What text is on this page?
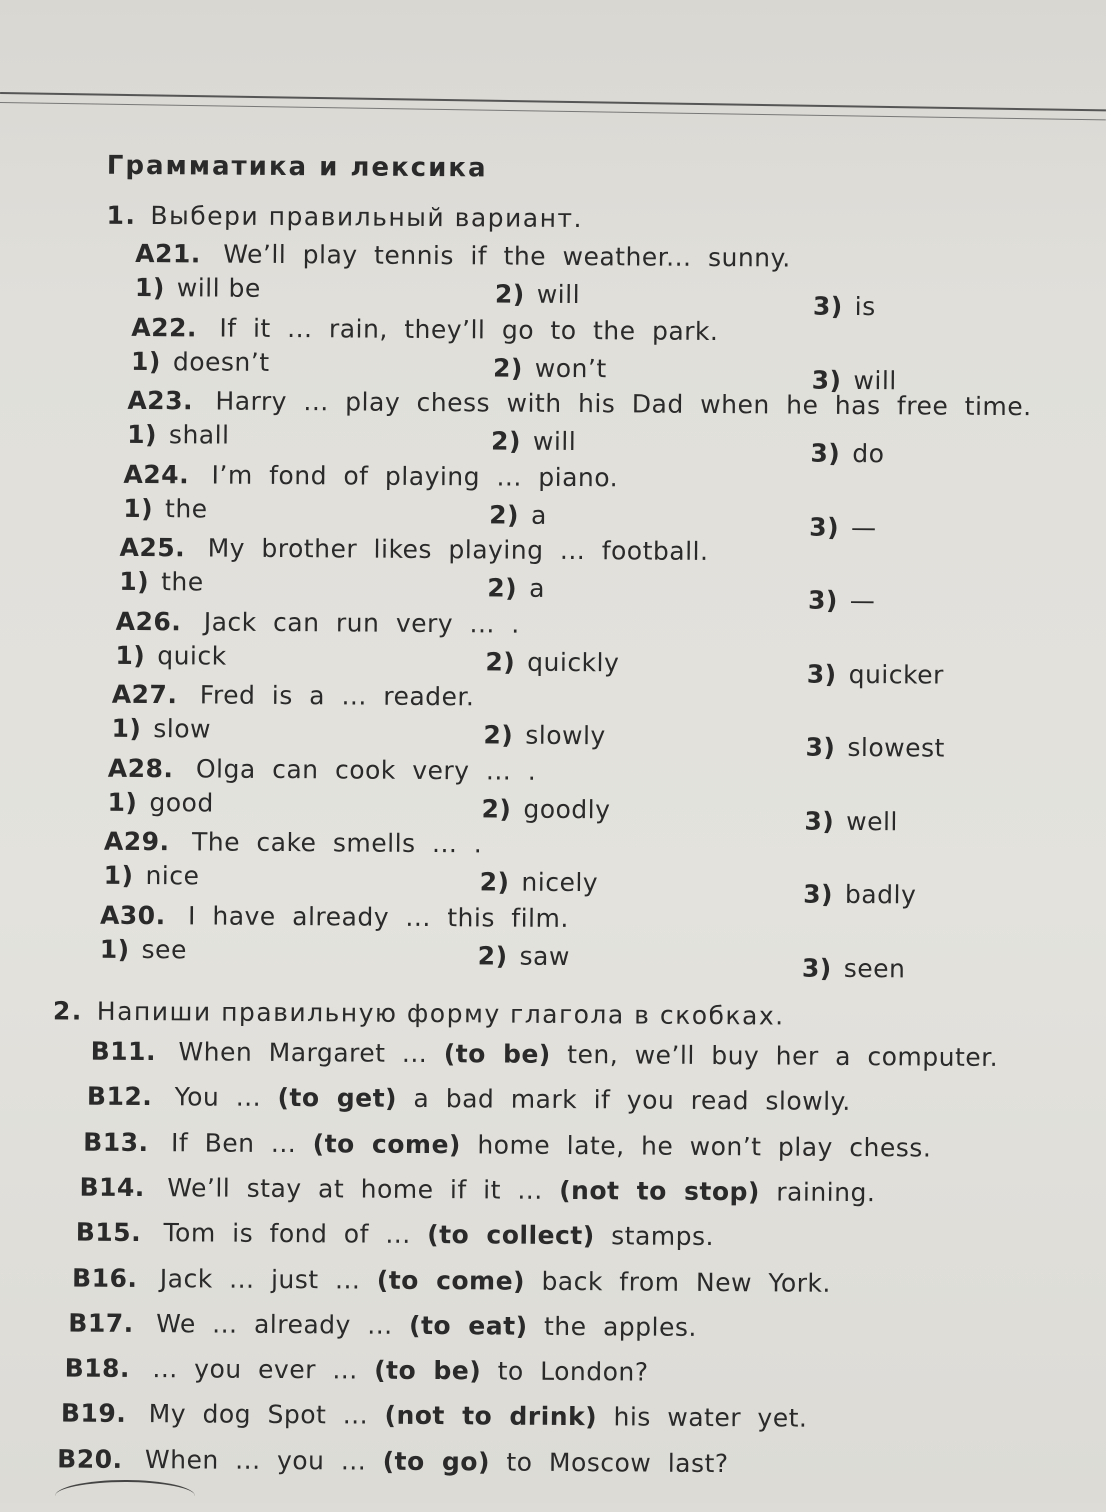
Грамматика и лексика
1. Выбери правильный вариант.
A21. We’ll play tennis if the weather... sunny.
1) will be	2) will	3) is
A22. If it ... rain, they’ll go to the park.
1) doesn’t	2) won’t	3) will
A23. Harry ... play chess with his Dad when he has free time.
1) shall	2) will	3) do
A24. I’m fond of playing ... piano.
1) the	2) a	3) —
A25. My brother likes playing ... football.
1) the	2) a	3) —
A26. Jack can run very ... .
1) quick	2) quickly	3) quicker
A27. Fred is a ... reader.
1) slow	2) slowly	3) slowest
A28. Olga can cook very ... .
1) good	2) goodly	3) well
A29. The cake smells ... .
1) nice	2) nicely	3) badly
A30. I have already ... this film.
1) see	2) saw	3) seen
2. Напиши правильную форму глагола в скобках.
B11. When Margaret ... (to be) ten, we’ll buy her a computer.
B12. You ... (to get) a bad mark if you read slowly.
B13. If Ben ... (to come) home late, he won’t play chess.
B14. We’ll stay at home if it ... (not to stop) raining.
B15. Tom is fond of ... (to collect) stamps.
B16. Jack ... just ... (to come) back from New York.
B17. We ... already ... (to eat) the apples.
B18. ... you ever ... (to be) to London?
B19. My dog Spot ... (not to drink) his water yet.
B20. When ... you ... (to go) to Moscow last?
